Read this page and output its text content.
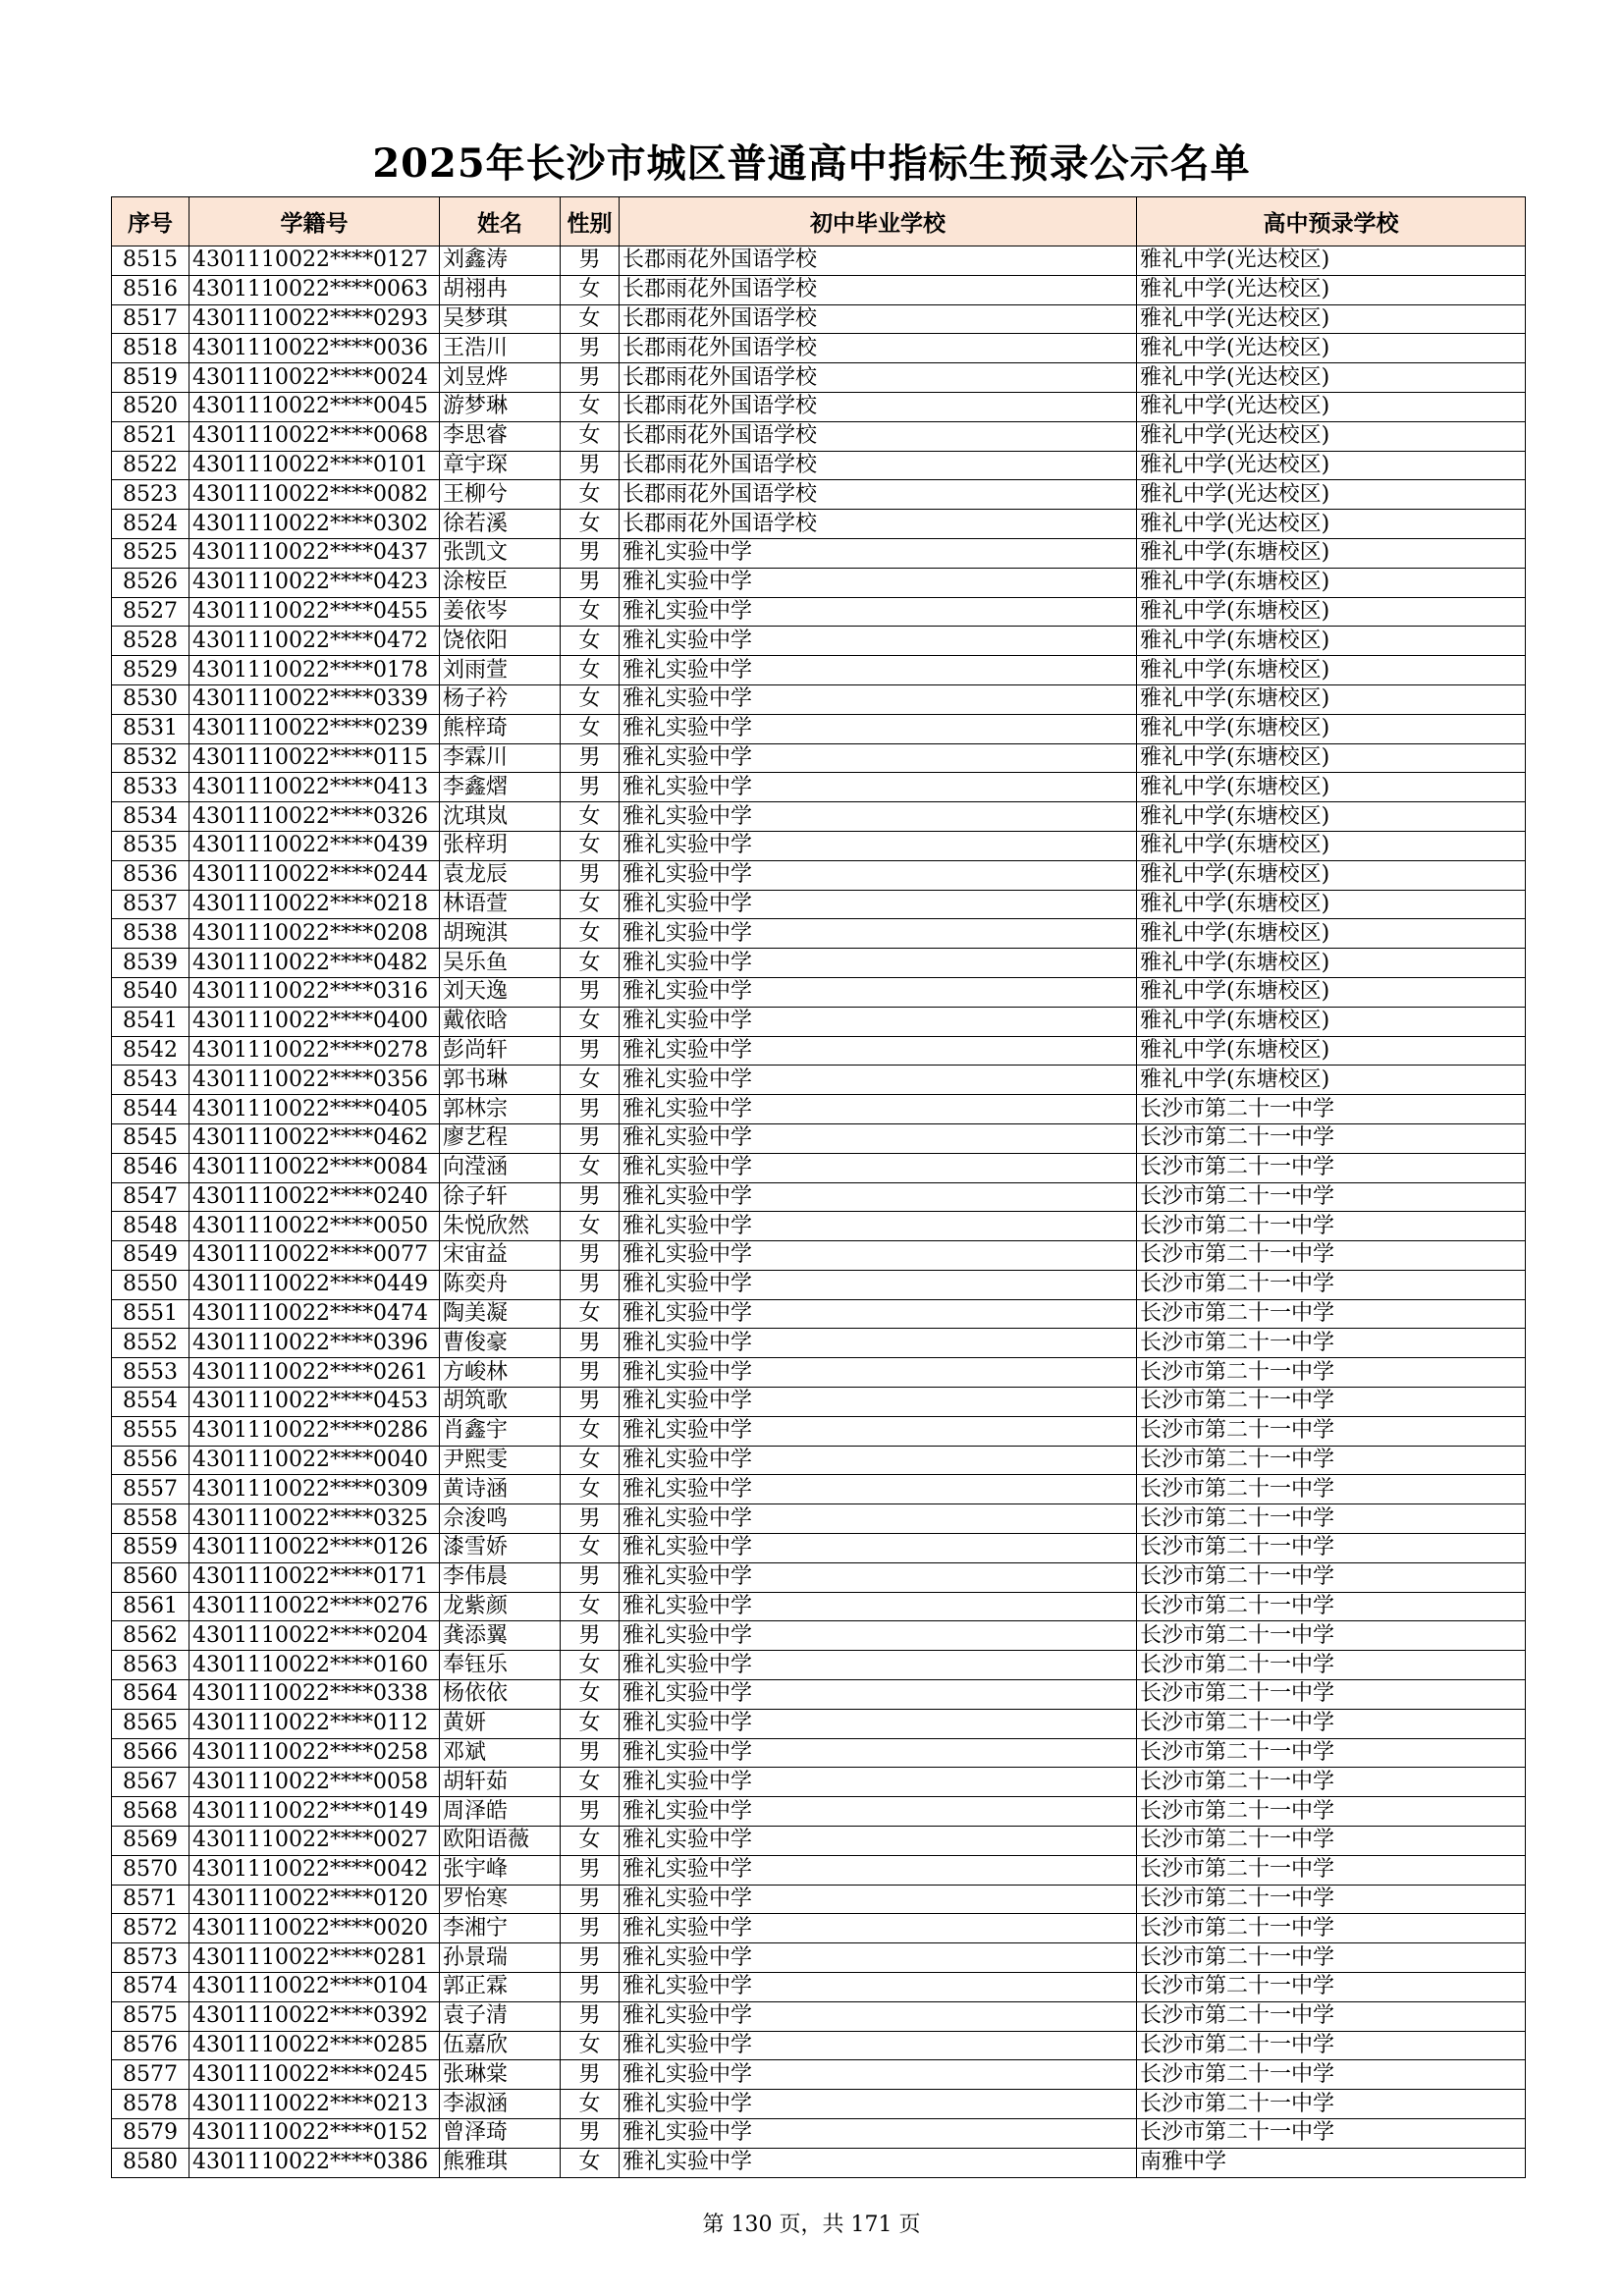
2025年长沙市城区普通高中指标生预录公示名单
序号	学籍号	姓名	性别	初中毕业学校	高中预录学校
8515	4301110022****0127	刘鑫涛	男	长郡雨花外国语学校	雅礼中学(光达校区)
8516	4301110022****0063	胡祤冉	女	长郡雨花外国语学校	雅礼中学(光达校区)
8517	4301110022****0293	吴梦琪	女	长郡雨花外国语学校	雅礼中学(光达校区)
8518	4301110022****0036	王浩川	男	长郡雨花外国语学校	雅礼中学(光达校区)
8519	4301110022****0024	刘昱烨	男	长郡雨花外国语学校	雅礼中学(光达校区)
8520	4301110022****0045	游梦琳	女	长郡雨花外国语学校	雅礼中学(光达校区)
8521	4301110022****0068	李思睿	女	长郡雨花外国语学校	雅礼中学(光达校区)
8522	4301110022****0101	章宇琛	男	长郡雨花外国语学校	雅礼中学(光达校区)
8523	4301110022****0082	王柳兮	女	长郡雨花外国语学校	雅礼中学(光达校区)
8524	4301110022****0302	徐若溪	女	长郡雨花外国语学校	雅礼中学(光达校区)
8525	4301110022****0437	张凯文	男	雅礼实验中学	雅礼中学(东塘校区)
8526	4301110022****0423	涂桉臣	男	雅礼实验中学	雅礼中学(东塘校区)
8527	4301110022****0455	姜依岑	女	雅礼实验中学	雅礼中学(东塘校区)
8528	4301110022****0472	饶依阳	女	雅礼实验中学	雅礼中学(东塘校区)
8529	4301110022****0178	刘雨萱	女	雅礼实验中学	雅礼中学(东塘校区)
8530	4301110022****0339	杨子衿	女	雅礼实验中学	雅礼中学(东塘校区)
8531	4301110022****0239	熊梓琦	女	雅礼实验中学	雅礼中学(东塘校区)
8532	4301110022****0115	李霖川	男	雅礼实验中学	雅礼中学(东塘校区)
8533	4301110022****0413	李鑫熠	男	雅礼实验中学	雅礼中学(东塘校区)
8534	4301110022****0326	沈琪岚	女	雅礼实验中学	雅礼中学(东塘校区)
8535	4301110022****0439	张梓玥	女	雅礼实验中学	雅礼中学(东塘校区)
8536	4301110022****0244	袁龙辰	男	雅礼实验中学	雅礼中学(东塘校区)
8537	4301110022****0218	林语萱	女	雅礼实验中学	雅礼中学(东塘校区)
8538	4301110022****0208	胡琬淇	女	雅礼实验中学	雅礼中学(东塘校区)
8539	4301110022****0482	吴乐鱼	女	雅礼实验中学	雅礼中学(东塘校区)
8540	4301110022****0316	刘天逸	男	雅礼实验中学	雅礼中学(东塘校区)
8541	4301110022****0400	戴依晗	女	雅礼实验中学	雅礼中学(东塘校区)
8542	4301110022****0278	彭尚轩	男	雅礼实验中学	雅礼中学(东塘校区)
8543	4301110022****0356	郭书琳	女	雅礼实验中学	雅礼中学(东塘校区)
8544	4301110022****0405	郭林宗	男	雅礼实验中学	长沙市第二十一中学
8545	4301110022****0462	廖艺程	男	雅礼实验中学	长沙市第二十一中学
8546	4301110022****0084	向滢涵	女	雅礼实验中学	长沙市第二十一中学
8547	4301110022****0240	徐子轩	男	雅礼实验中学	长沙市第二十一中学
8548	4301110022****0050	朱悦欣然	女	雅礼实验中学	长沙市第二十一中学
8549	4301110022****0077	宋宙益	男	雅礼实验中学	长沙市第二十一中学
8550	4301110022****0449	陈奕舟	男	雅礼实验中学	长沙市第二十一中学
8551	4301110022****0474	陶美凝	女	雅礼实验中学	长沙市第二十一中学
8552	4301110022****0396	曹俊豪	男	雅礼实验中学	长沙市第二十一中学
8553	4301110022****0261	方峻林	男	雅礼实验中学	长沙市第二十一中学
8554	4301110022****0453	胡筑歌	男	雅礼实验中学	长沙市第二十一中学
8555	4301110022****0286	肖鑫宇	女	雅礼实验中学	长沙市第二十一中学
8556	4301110022****0040	尹熙雯	女	雅礼实验中学	长沙市第二十一中学
8557	4301110022****0309	黄诗涵	女	雅礼实验中学	长沙市第二十一中学
8558	4301110022****0325	佘浚鸣	男	雅礼实验中学	长沙市第二十一中学
8559	4301110022****0126	漆雪娇	女	雅礼实验中学	长沙市第二十一中学
8560	4301110022****0171	李伟晨	男	雅礼实验中学	长沙市第二十一中学
8561	4301110022****0276	龙紫颜	女	雅礼实验中学	长沙市第二十一中学
8562	4301110022****0204	龚添翼	男	雅礼实验中学	长沙市第二十一中学
8563	4301110022****0160	奉钰乐	女	雅礼实验中学	长沙市第二十一中学
8564	4301110022****0338	杨依依	女	雅礼实验中学	长沙市第二十一中学
8565	4301110022****0112	黄妍	女	雅礼实验中学	长沙市第二十一中学
8566	4301110022****0258	邓斌	男	雅礼实验中学	长沙市第二十一中学
8567	4301110022****0058	胡轩茹	女	雅礼实验中学	长沙市第二十一中学
8568	4301110022****0149	周泽皓	男	雅礼实验中学	长沙市第二十一中学
8569	4301110022****0027	欧阳语薇	女	雅礼实验中学	长沙市第二十一中学
8570	4301110022****0042	张宇峰	男	雅礼实验中学	长沙市第二十一中学
8571	4301110022****0120	罗怡寒	男	雅礼实验中学	长沙市第二十一中学
8572	4301110022****0020	李湘宁	男	雅礼实验中学	长沙市第二十一中学
8573	4301110022****0281	孙景瑞	男	雅礼实验中学	长沙市第二十一中学
8574	4301110022****0104	郭正霖	男	雅礼实验中学	长沙市第二十一中学
8575	4301110022****0392	袁子清	男	雅礼实验中学	长沙市第二十一中学
8576	4301110022****0285	伍嘉欣	女	雅礼实验中学	长沙市第二十一中学
8577	4301110022****0245	张琳棠	男	雅礼实验中学	长沙市第二十一中学
8578	4301110022****0213	李淑涵	女	雅礼实验中学	长沙市第二十一中学
8579	4301110022****0152	曾泽琦	男	雅礼实验中学	长沙市第二十一中学
8580	4301110022****0386	熊雅琪	女	雅礼实验中学	南雅中学
第 130 页，共 171 页
